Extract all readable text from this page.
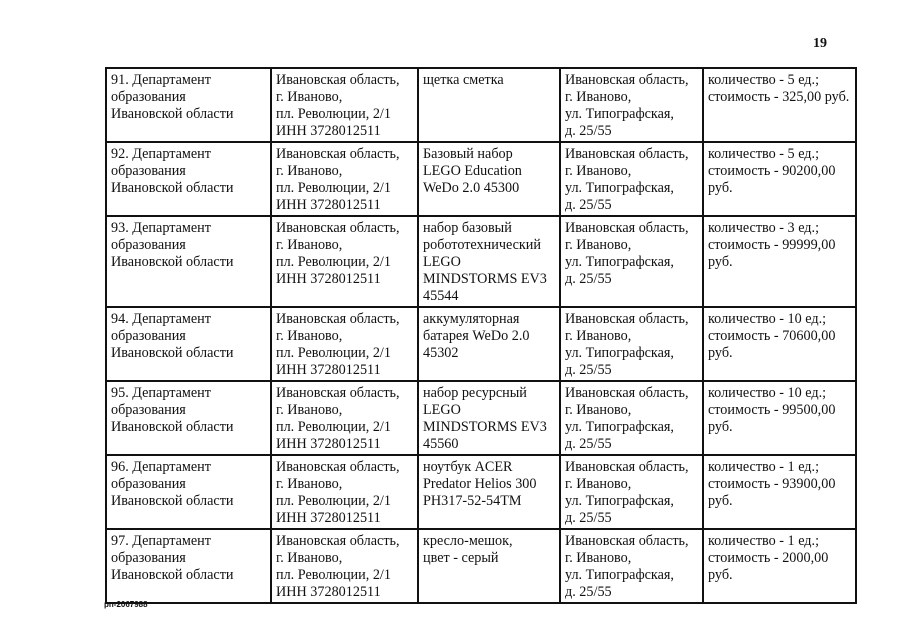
19
91. Департамент
образования
Ивановской области	Ивановская область,
г. Иваново,
пл. Революции, 2/1
ИНН 3728012511	щетка сметка	Ивановская область,
г. Иваново,
ул. Типографская,
д. 25/55	количество - 5 ед.;
стоимость - 325,00 руб.

92. Департамент
образования
Ивановской области	Ивановская область,
г. Иваново,
пл. Революции, 2/1
ИНН 3728012511	Базовый набор
LEGO Education
WeDo 2.0 45300	Ивановская область,
г. Иваново,
ул. Типографская,
д. 25/55	количество - 5 ед.;
стоимость - 90200,00
руб.

93. Департамент
образования
Ивановской области	Ивановская область,
г. Иваново,
пл. Революции, 2/1
ИНН 3728012511	набор базовый
робототехнический
LEGO
MINDSTORMS EV3
45544	Ивановская область,
г. Иваново,
ул. Типографская,
д. 25/55	количество - 3 ед.;
стоимость - 99999,00
руб.

94. Департамент
образования
Ивановской области	Ивановская область,
г. Иваново,
пл. Революции, 2/1
ИНН 3728012511	аккумуляторная
батарея WeDo 2.0
45302	Ивановская область,
г. Иваново,
ул. Типографская,
д. 25/55	количество - 10 ед.;
стоимость - 70600,00
руб.

95. Департамент
образования
Ивановской области	Ивановская область,
г. Иваново,
пл. Революции, 2/1
ИНН 3728012511	набор ресурсный
LEGO
MINDSTORMS EV3
45560	Ивановская область,
г. Иваново,
ул. Типографская,
д. 25/55	количество - 10 ед.;
стоимость - 99500,00
руб.

96. Департамент
образования
Ивановской области	Ивановская область,
г. Иваново,
пл. Революции, 2/1
ИНН 3728012511	ноутбук ACER
Predator Helios 300
PH317-52-54TM	Ивановская область,
г. Иваново,
ул. Типографская,
д. 25/55	количество - 1 ед.;
стоимость - 93900,00
руб.

97. Департамент
образования
Ивановской области	Ивановская область,
г. Иваново,
пл. Революции, 2/1
ИНН 3728012511	кресло-мешок,
цвет - серый	Ивановская область,
г. Иваново,
ул. Типографская,
д. 25/55	количество - 1 ед.;
стоимость - 2000,00
руб.
pn-2067988
